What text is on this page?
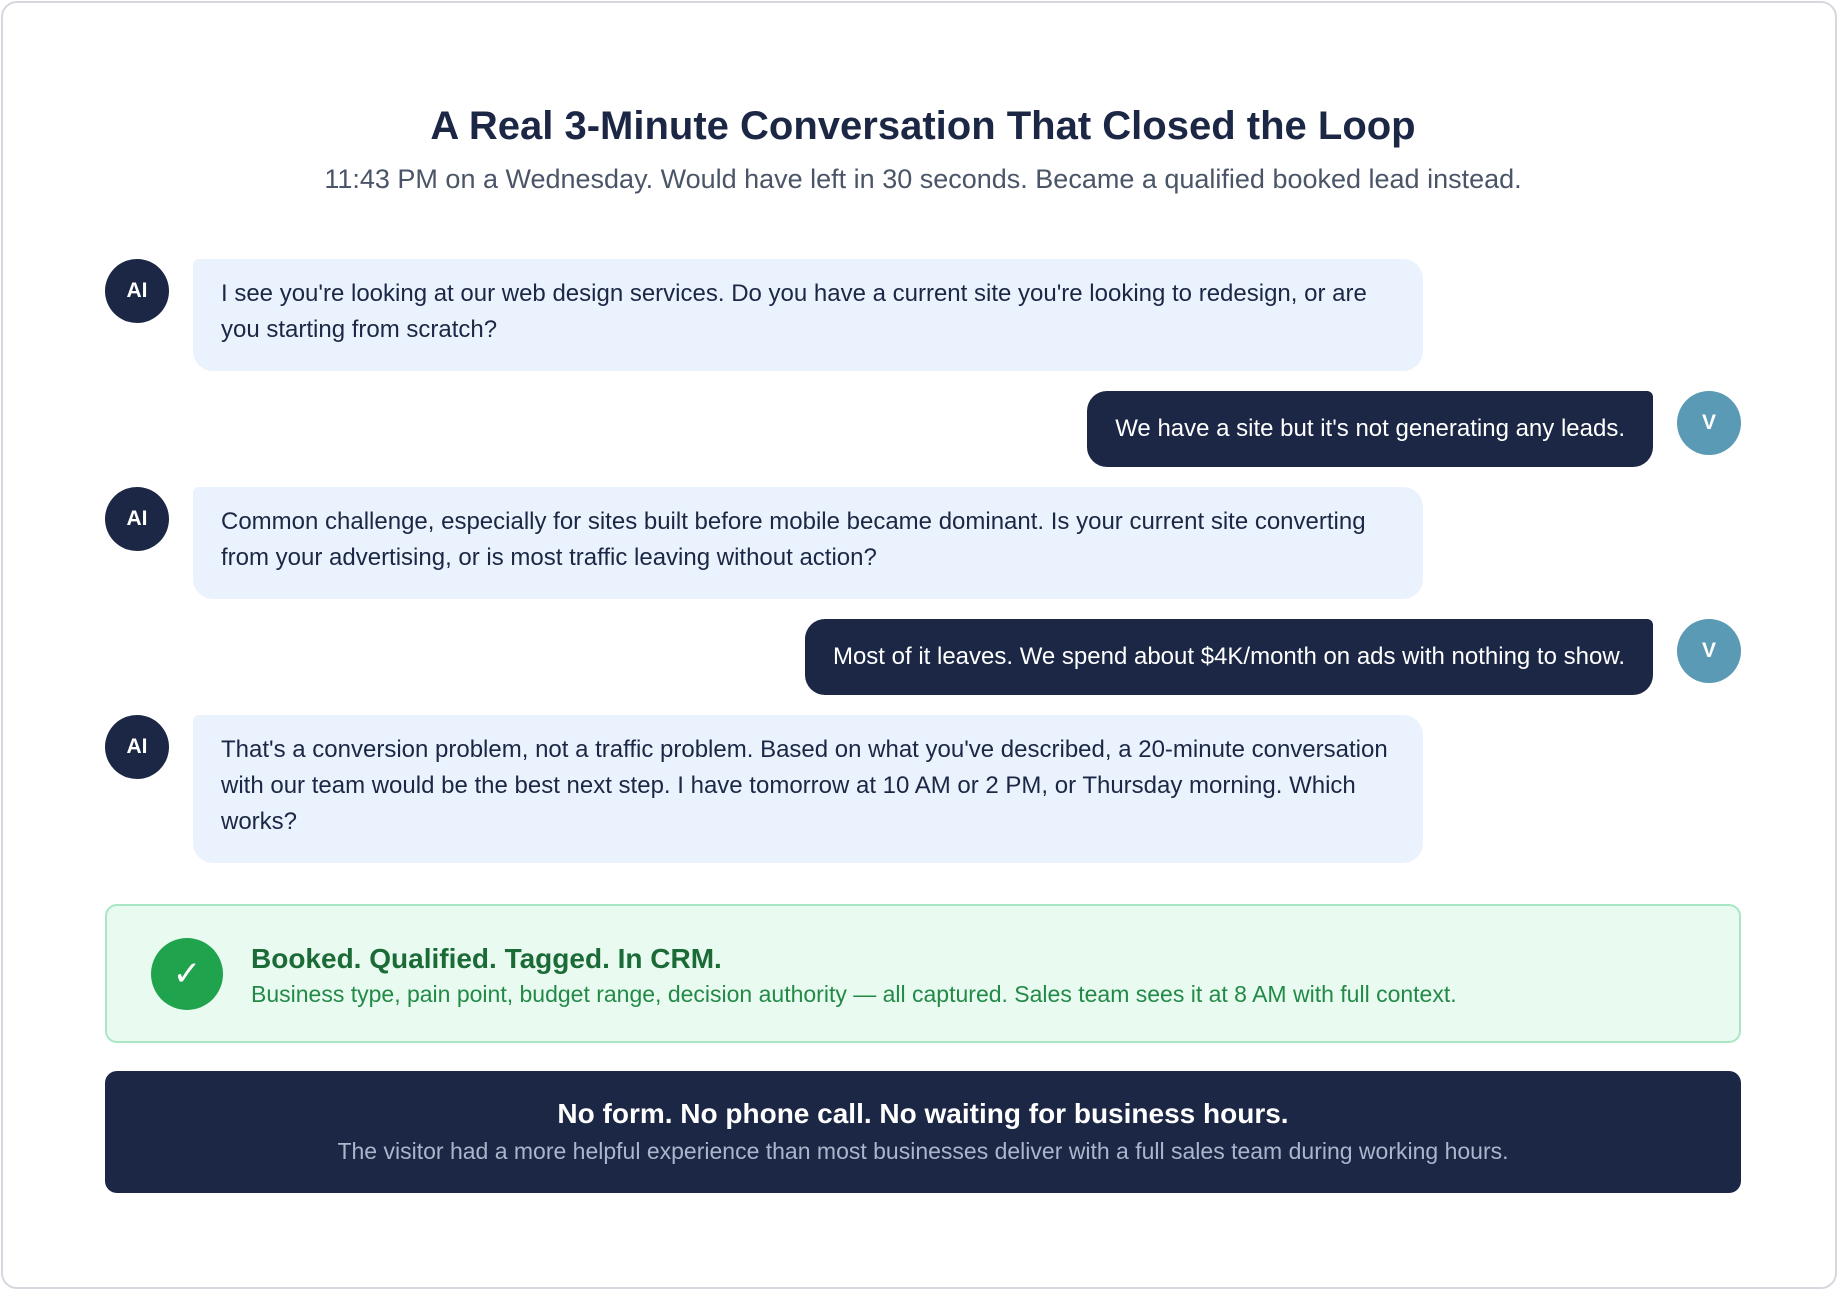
A Real 3-Minute Conversation That Closed the Loop
11:43 PM on a Wednesday. Would have left in 30 seconds. Became a qualified booked lead instead.
AI	I see you're looking at our web design services. Do you have a current site you're looking to redesign, or are you starting from scratch?
We have a site but it's not generating any leads.	V
AI	Common challenge, especially for sites built before mobile became dominant. Is your current site converting from your advertising, or is most traffic leaving without action?
Most of it leaves. We spend about $4K/month on ads with nothing to show.	V
AI	That's a conversion problem, not a traffic problem. Based on what you've described, a 20-minute conversation with our team would be the best next step. I have tomorrow at 10 AM or 2 PM, or Thursday morning. Which works?
✓	Booked. Qualified. Tagged. In CRM.
Business type, pain point, budget range, decision authority — all captured. Sales team sees it at 8 AM with full context.
No form. No phone call. No waiting for business hours.
The visitor had a more helpful experience than most businesses deliver with a full sales team during working hours.
